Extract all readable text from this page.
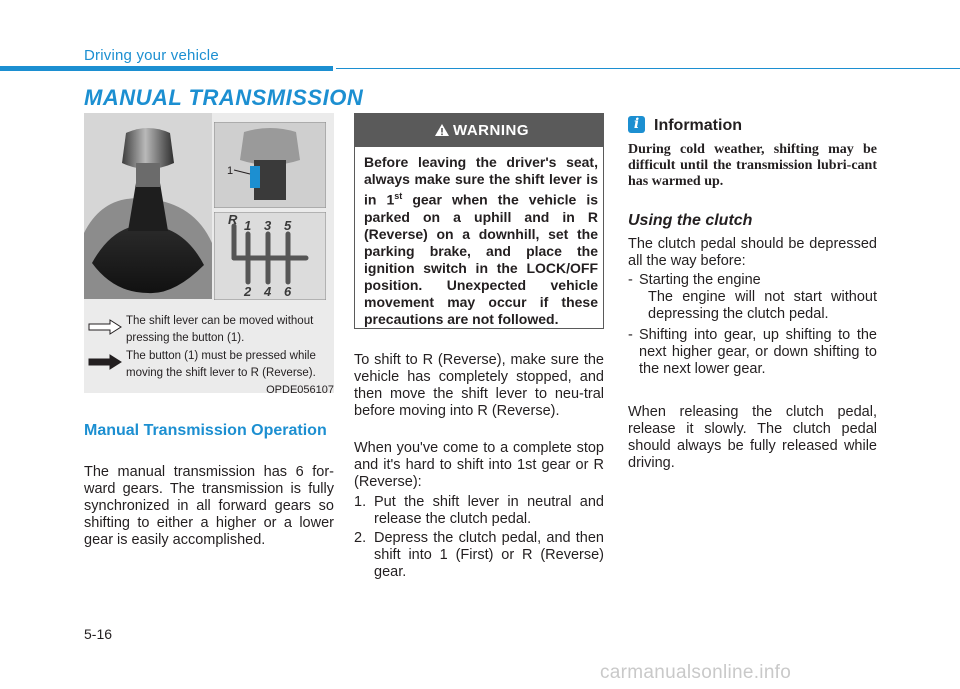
Driving your vehicle
MANUAL TRANSMISSION
1
R 1 3 5
2 4 6
The shift lever can be moved without pressing the button (1).
The button (1) must be pressed while moving the shift lever to R (Reverse).
OPDE056107
Manual Transmission Operation
The manual transmission has 6 for-ward gears. The transmission is fully synchronized in all forward gears so shifting to either a higher or a lower gear is easily accomplished.
WARNING
Before leaving the driver's seat, always make sure the shift lever is in 1st gear when the vehicle is parked on a uphill and in R (Reverse) on a downhill, set the parking brake, and place the ignition switch in the LOCK/OFF position. Unexpected vehicle movement may occur if these precautions are not followed.
To shift to R (Reverse), make sure the vehicle has completely stopped, and then move the shift lever to neu-tral before moving into R (Reverse).
When you've come to a complete stop and it's hard to shift into 1st gear or R (Reverse):
1. Put the shift lever in neutral and release the clutch pedal.
2. Depress the clutch pedal, and then shift into 1 (First) or R (Reverse) gear.
i Information
During cold weather, shifting may be difficult until the transmission lubri-cant has warmed up.
Using the clutch
The clutch pedal should be depressed all the way before:
- Starting the engine
The engine will not start without depressing the clutch pedal.
- Shifting into gear, up shifting to the next higher gear, or down shifting to the next lower gear.
When releasing the clutch pedal, release it slowly. The clutch pedal should always be fully released while driving.
5-16
carmanualsonline.info
